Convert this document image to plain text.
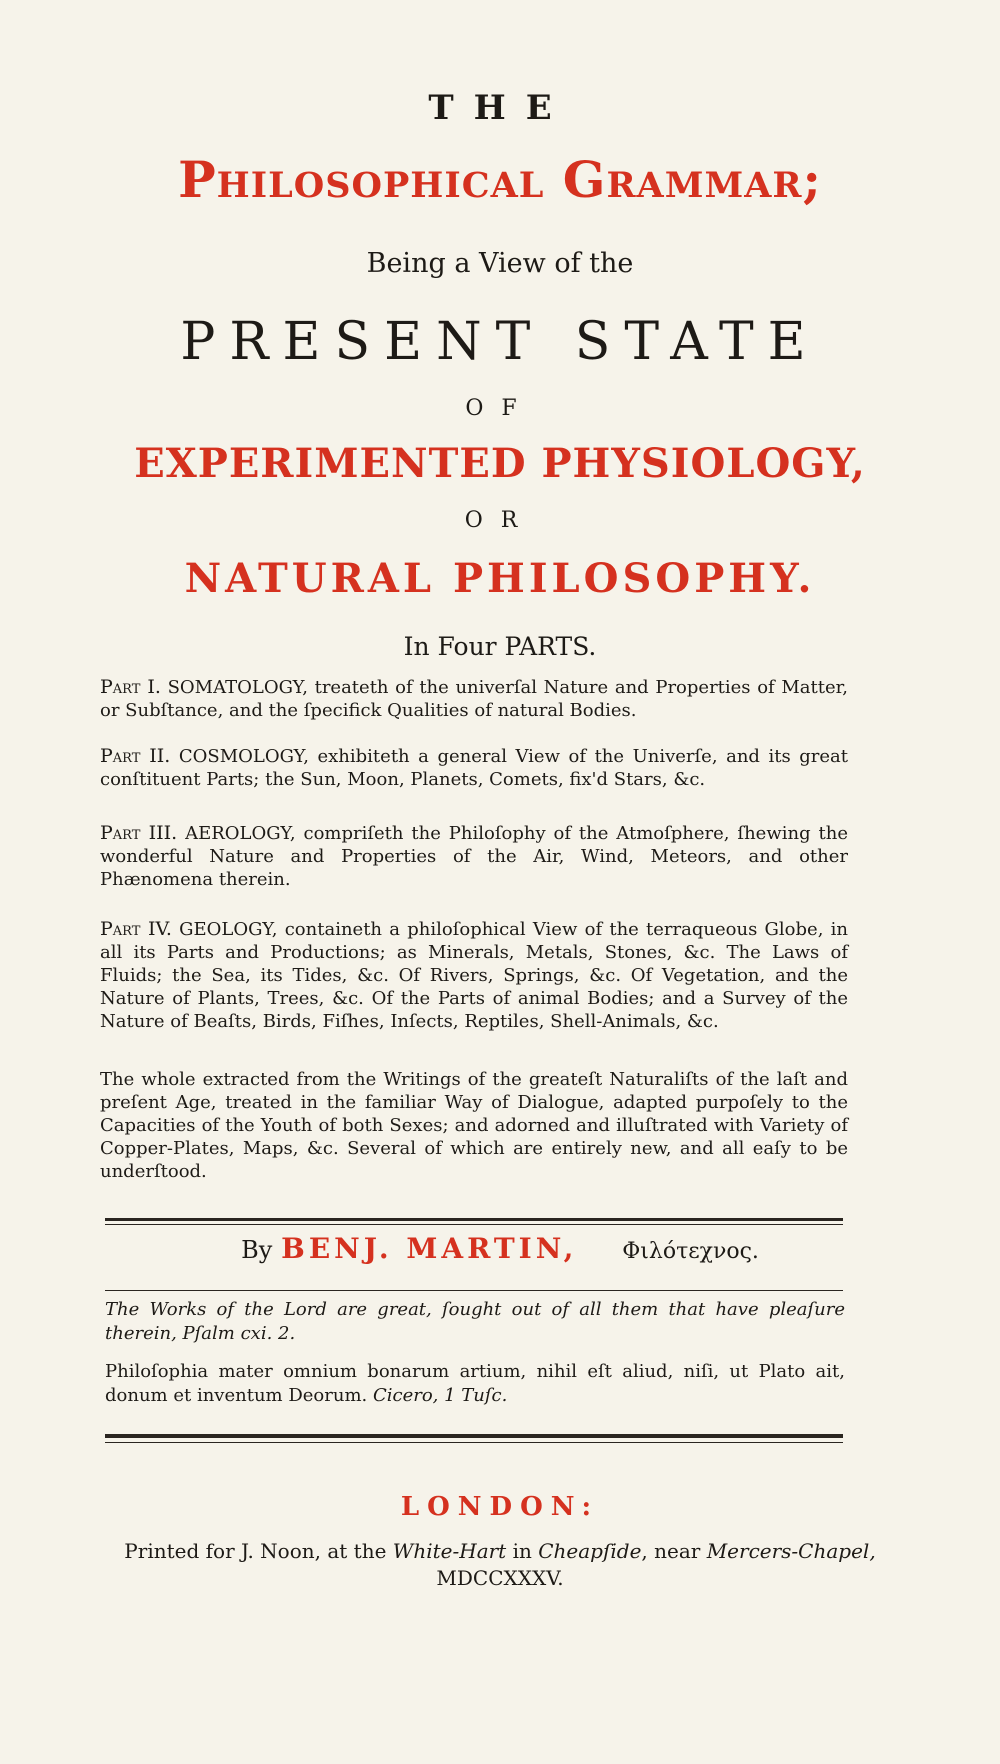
THE
Philosophical Grammar;
Being a View of the
PRESENT STATE
OF
EXPERIMENTED PHYSIOLOGY,
OR
NATURAL PHILOSOPHY.
In Four PARTS.
Part I. SOMATOLOGY, treateth of the univerſal Nature and Properties of Matter, or Subſtance, and the ſpecifick Qualities of natural Bodies.
Part II. COSMOLOGY, exhibiteth a general View of the Univerſe, and its great conſtituent Parts; the Sun, Moon, Planets, Comets, fix'd Stars, &c.
Part III. AEROLOGY, compriſeth the Philoſophy of the Atmoſphere, ſhewing the wonderful Nature and Properties of the Air, Wind, Meteors, and other Phænomena therein.
Part IV. GEOLOGY, containeth a philoſophical View of the terraqueous Globe, in all its Parts and Productions; as Minerals, Metals, Stones, &c. The Laws of Fluids; the Sea, its Tides, &c. Of Rivers, Springs, &c. Of Vegetation, and the Nature of Plants, Trees, &c. Of the Parts of animal Bodies; and a Survey of the Nature of Beaſts, Birds, Fiſhes, Inſects, Reptiles, Shell-Animals, &c.
The whole extracted from the Writings of the greateſt Naturaliſts of the laſt and preſent Age, treated in the familiar Way of Dialogue, adapted purpoſely to the Capacities of the Youth of both Sexes; and adorned and illuſtrated with Variety of Copper-Plates, Maps, &c. Several of which are entirely new, and all eaſy to be underſtood.
By BENJ. MARTIN, Φιλότεχνος.
The Works of the Lord are great, ſought out of all them that have pleaſure therein, Pſalm cxi. 2.
Philoſophia mater omnium bonarum artium, nihil eſt aliud, niſi, ut Plato ait, donum et inventum Deorum. Cicero, 1 Tuſc.
LONDON:
Printed for J. Noon, at the White-Hart in Cheapſide, near Mercers-Chapel, MDCCXXXV.
